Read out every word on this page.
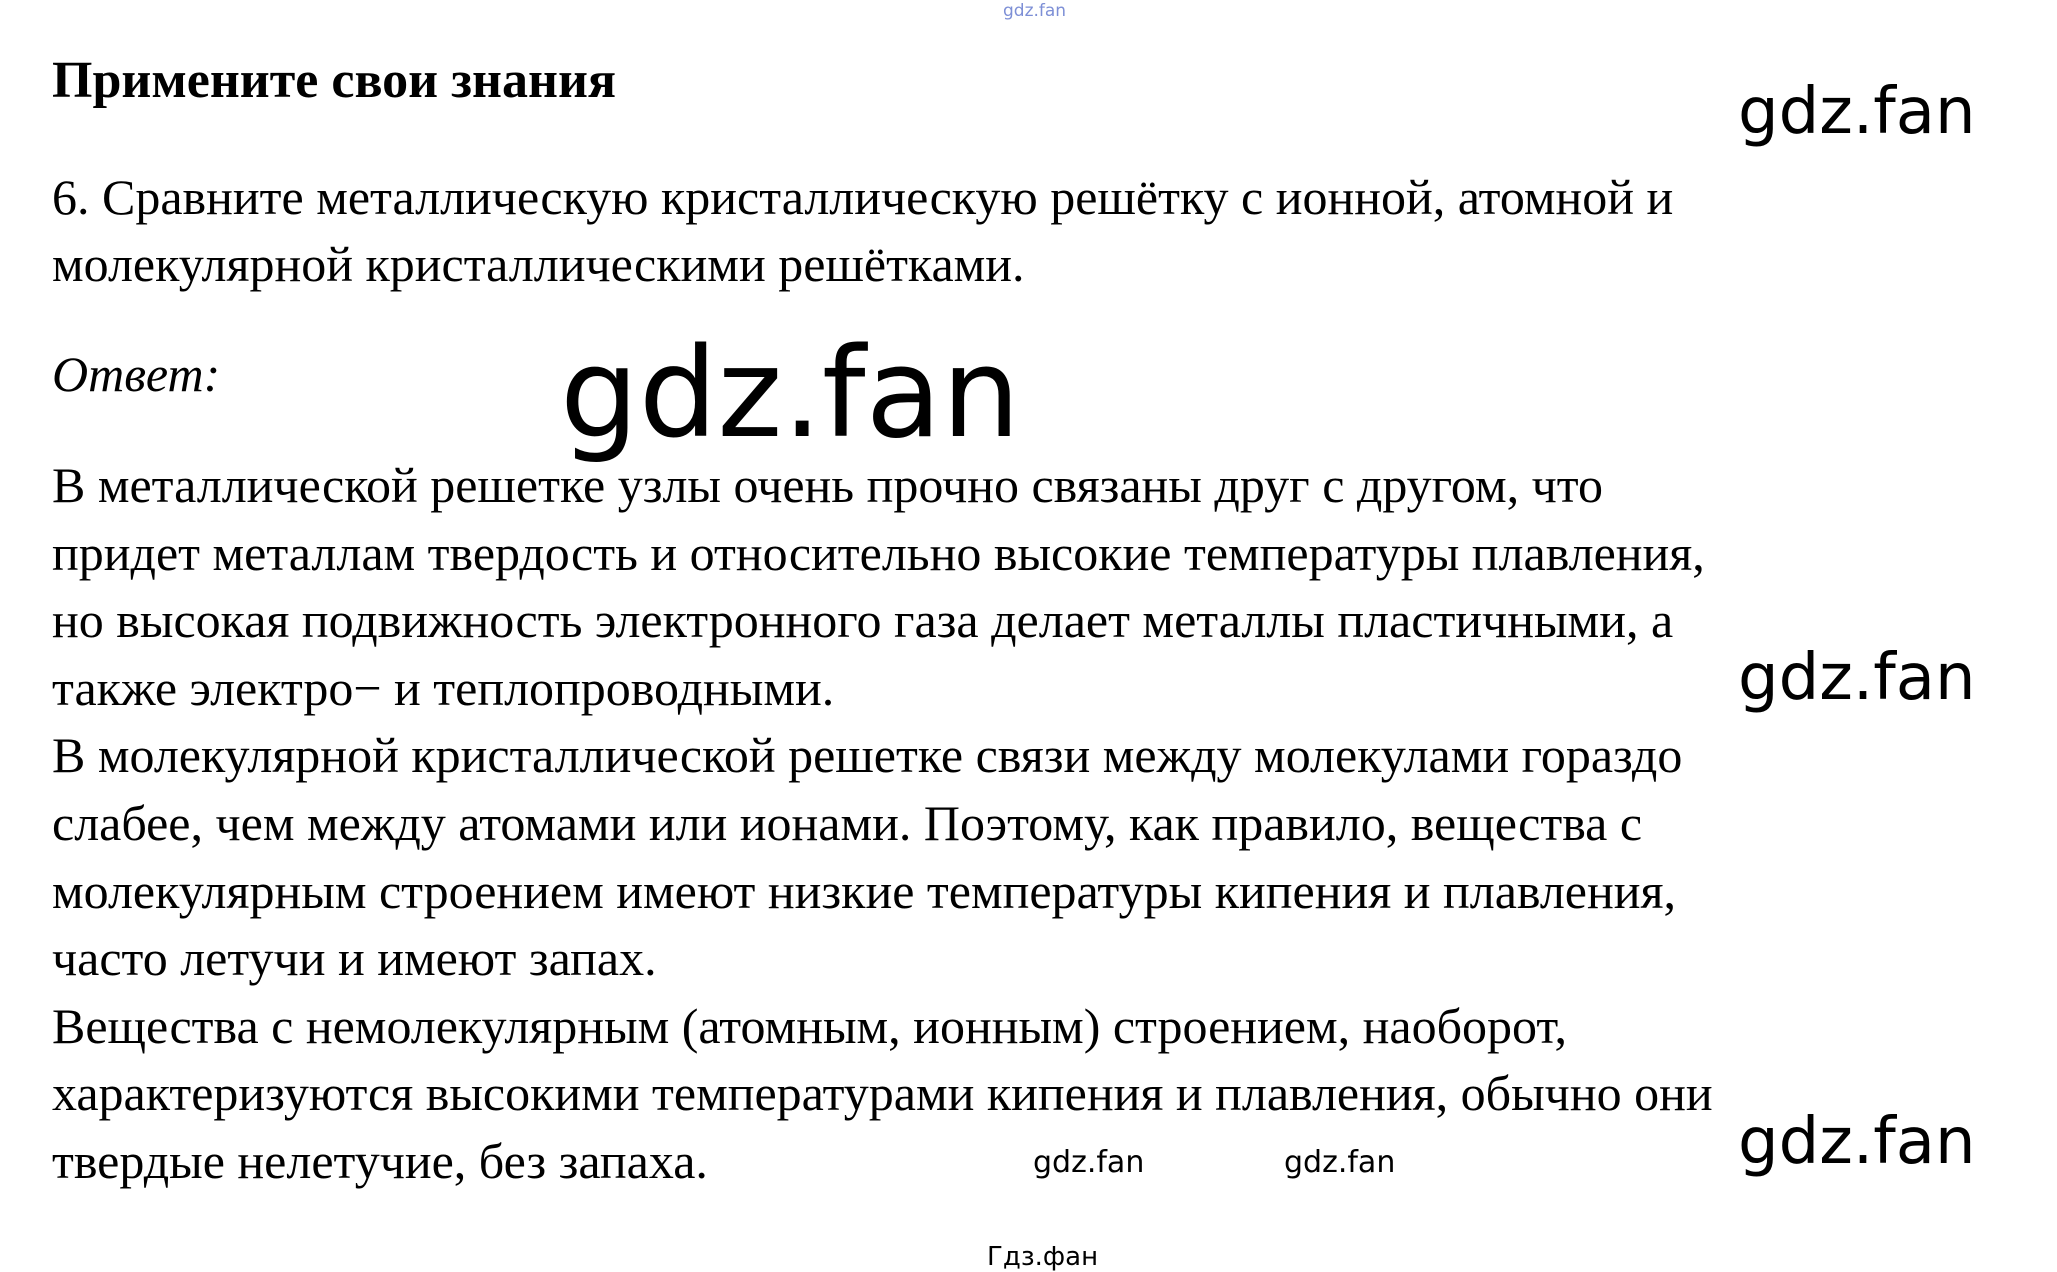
gdz.fan
Примените свои знания	gdz.fan
6. Сравните металлическую кристаллическую решётку с ионной, атомной и
молекулярной кристаллическими решётками.
Ответ:	gdz.fan
В металлической решетке узлы очень прочно связаны друг с другом, что
придет металлам твердость и относительно высокие температуры плавления,
но высокая подвижность электронного газа делает металлы пластичными, а
также электро− и теплопроводными.
В молекулярной кристаллической решетке связи между молекулами гораздо
слабее, чем между атомами или ионами. Поэтому, как правило, вещества с
молекулярным строением имеют низкие температуры кипения и плавления,
часто летучи и имеют запах.
Вещества с немолекулярным (атомным, ионным) строением, наоборот,
характеризуются высокими температурами кипения и плавления, обычно они
твердые нелетучие, без запаха.
gdz.fan
gdz.fan
gdz.fan	gdz.fan
Гдз.фан
